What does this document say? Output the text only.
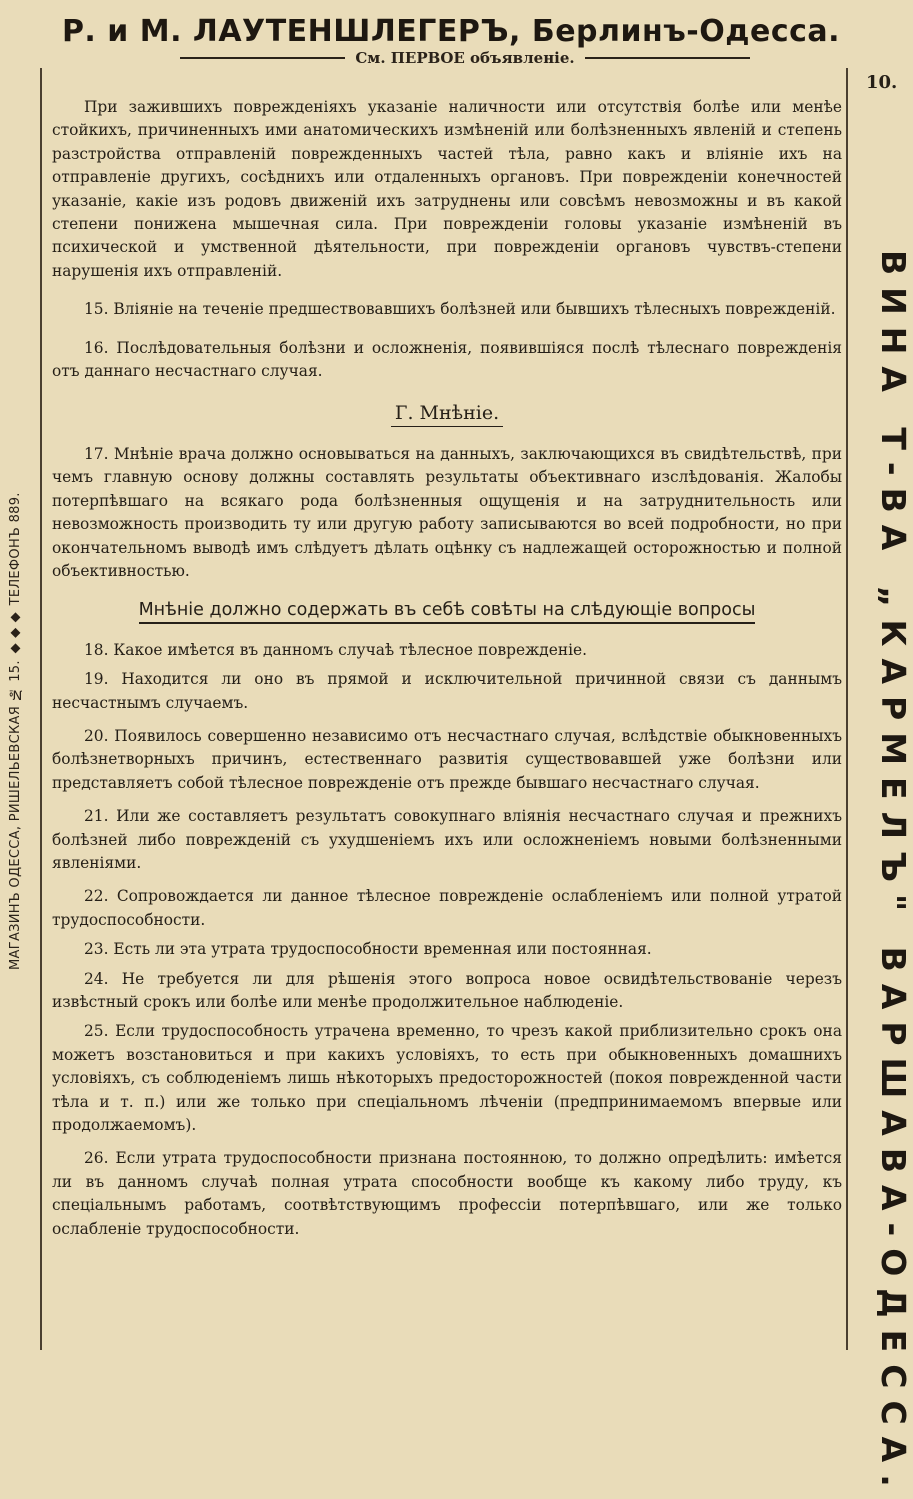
Р. и М. ЛАУТЕНШЛЕГЕРЪ, Берлинъ-Одесса.
См. ПЕРВОЕ объявленіе.
10.
ВИНА Т-ВА „КАРМЕЛЪ" ВАРШАВА-ОДЕССА.
МАГАЗИНЪ ОДЕССА, РИШЕЛЬЕВСКАЯ № 15. ◆◆◆ ТЕЛЕФОНЪ 889.

При зажившихъ поврежденіяхъ указаніе наличности или отсутствія болѣе или менѣе стойкихъ, причиненныхъ ими анатомическихъ измѣненій или болѣзненныхъ явленій и степень разстройства отправленій поврежденныхъ частей тѣла, равно какъ и вліяніе ихъ на отправленіе другихъ, сосѣднихъ или отдаленныхъ органовъ. При поврежденіи конечностей указаніе, какіе изъ родовъ движеній ихъ затруднены или совсѣмъ невозможны и въ какой степени понижена мышечная сила. При поврежденіи головы указаніе измѣненій въ психической и умственной дѣятельности, при поврежденіи органовъ чувствъ-степени нарушенія ихъ отправленій.

15. Вліяніе на теченіе предшествовавшихъ болѣзней или бывшихъ тѣлесныхъ поврежденій.

16. Послѣдовательныя болѣзни и осложненія, появившіяся послѣ тѣлеснаго поврежденія отъ даннаго несчастнаго случая.

Г. Мнѣніе.

17. Мнѣніе врача должно основываться на данныхъ, заключающихся въ свидѣтельствѣ, при чемъ главную основу должны составлять результаты объективнаго изслѣдованія. Жалобы потерпѣвшаго на всякаго рода болѣзненныя ощущенія и на затруднительность или невозможность производить ту или другую работу записываются во всей подробности, но при окончательномъ выводѣ имъ слѣдуетъ дѣлать оцѣнку съ надлежащей осторожностью и полной объективностью.

Мнѣніе должно содержать въ себѣ совѣты на слѣдующіе вопросы

18. Какое имѣется въ данномъ случаѣ тѣлесное поврежденіе.

19. Находится ли оно въ прямой и исключительной причинной связи съ даннымъ несчастнымъ случаемъ.

20. Появилось совершенно независимо отъ несчастнаго случая, вслѣдствіе обыкновенныхъ болѣзнетворныхъ причинъ, естественнаго развитія существовавшей уже болѣзни или представляетъ собой тѣлесное поврежденіе отъ прежде бывшаго несчастнаго случая.

21. Или же составляетъ результатъ совокупнаго вліянія несчастнаго случая и прежнихъ болѣзней либо поврежденій съ ухудшеніемъ ихъ или осложненіемъ новыми болѣзненными явленіями.

22. Сопровождается ли данное тѣлесное поврежденіе ослабленіемъ или полной утратой трудоспособности.

23. Есть ли эта утрата трудоспособности временная или постоянная.

24. Не требуется ли для рѣшенія этого вопроса новое освидѣтельствованіе черезъ извѣстный срокъ или болѣе или менѣе продолжительное наблюденіе.

25. Если трудоспособность утрачена временно, то чрезъ какой приблизительно срокъ она можетъ возстановиться и при какихъ условіяхъ, то есть при обыкновенныхъ домашнихъ условіяхъ, съ соблюденіемъ лишь нѣкоторыхъ предосторожностей (покоя поврежденной части тѣла и т. п.) или же только при спеціальномъ лѣченіи (предпринимаемомъ впервые или продолжаемомъ).

26. Если утрата трудоспособности признана постоянною, то должно опредѣлить: имѣется ли въ данномъ случаѣ полная утрата способности вообще къ какому либо труду, къ спеціальнымъ работамъ, соотвѣтствующимъ профессіи потерпѣвшаго, или же только ослабленіе трудоспособности.
